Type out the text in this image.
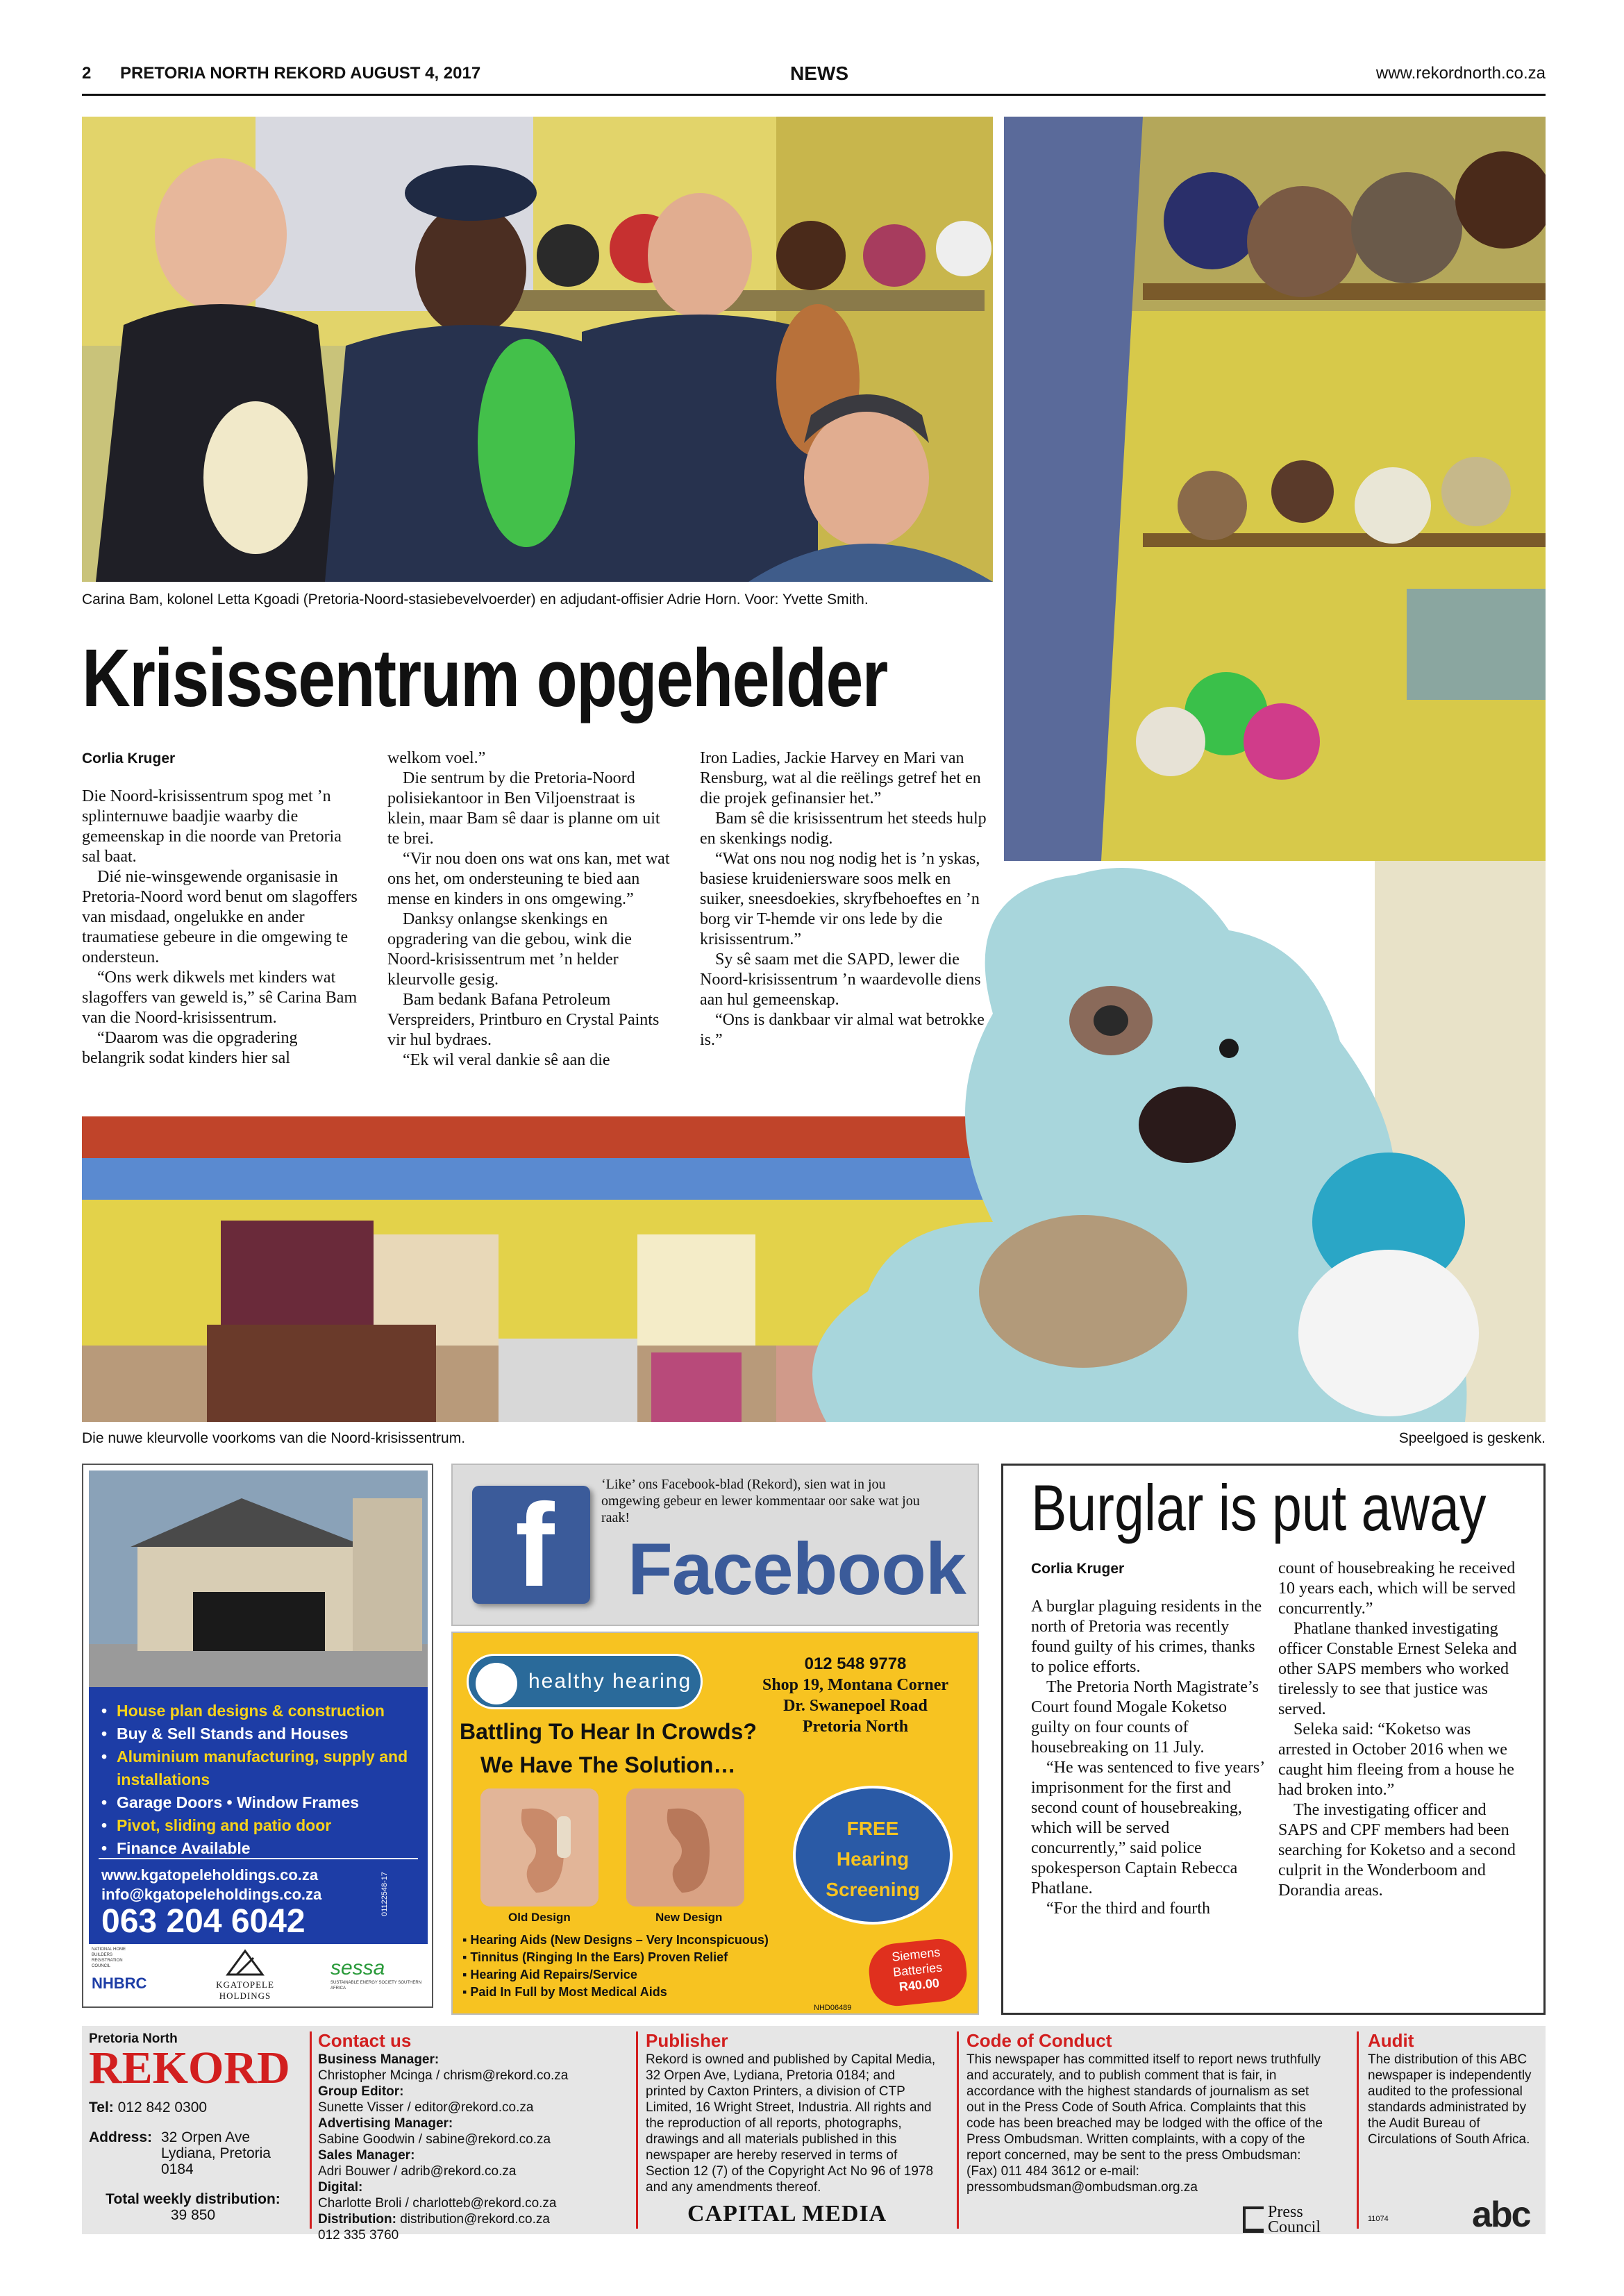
2 PRETORIA NORTH REKORD AUGUST 4, 2017	NEWS	www.rekordnorth.co.za
Carina Bam, kolonel Letta Kgoadi (Pretoria-Noord-stasiebevelvoerder) en adjudant-offisier Adrie Horn. Voor: Yvette Smith.
Krisissentrum opgehelder
Corlia Kruger

Die Noord-krisissentrum spog met ’n splinternuwe baadjie waarby die gemeenskap in die noorde van Pretoria sal baat.

Dié nie-winsgewende organisasie in Pretoria-Noord word benut om slagoffers van misdaad, ongelukke en ander traumatiese gebeure in die omgewing te ondersteun.

“Ons werk dikwels met kinders wat slagoffers van geweld is,” sê Carina Bam van die Noord-krisissentrum.

“Daarom was die opgradering belangrik sodat kinders hier sal

welkom voel.”

Die sentrum by die Pretoria-Noord polisiekantoor in Ben Viljoenstraat is klein, maar Bam sê daar is planne om uit te brei.

“Vir nou doen ons wat ons kan, met wat ons het, om ondersteuning te bied aan mense en kinders in ons omgewing.”

Danksy onlangse skenkings en opgradering van die gebou, wink die Noord-krisissentrum met ’n helder kleurvolle gesig.

Bam bedank Bafana Petroleum Verspreiders, Printburo en Crystal Paints vir hul bydraes.

“Ek wil veral dankie sê aan die

Iron Ladies, Jackie Harvey en Mari van Rensburg, wat al die reëlings getref het en die projek gefinansier het.”

Bam sê die krisissentrum het steeds hulp en skenkings nodig.

“Wat ons nou nog nodig het is ’n yskas, basiese kruideniersware soos melk en suiker, sneesdoekies, skryfbehoeftes en ’n borg vir T-hemde vir ons lede by die krisissentrum.”

Sy sê saam met die SAPD, lewer die Noord-krisissentrum ’n waardevolle diens aan hul gemeenskap.

“Ons is dankbaar vir almal wat betrokke is.”

Die nuwe kleurvolle voorkoms van die Noord-krisissentrum.	Speelgoed is geskenk.
• House plan designs & construction
• Buy & Sell Stands and Houses
• Aluminium manufacturing, supply and installations
• Garage Doors • Window Frames
• Pivot, sliding and patio door
• Finance Available
www.kgatopeleholdings.co.za
info@kgatopeleholdings.co.za
063 204 6042
01122548-17
NATIONAL HOME BUILDERS REGISTRATION COUNCIL
NHBRC	KGATOPELE HOLDINGS
sessa
SUSTAINABLE ENERGY SOCIETY SOUTHERN AFRICA
f	‘Like’ ons Facebook-blad (Rekord), sien wat in jou omgewing gebeur en lewer kommentaar oor sake wat jou raak!
Facebook
healthy hearing
012 548 9778
Shop 19, Montana Corner
Dr. Swanepoel Road
Pretoria North
Battling To Hear In Crowds?
We Have The Solution…
Old Design	New Design
FREE
Hearing
Screening
▪ Hearing Aids (New Designs – Very Inconspicuous)
▪ Tinnitus (Ringing In the Ears) Proven Relief
▪ Hearing Aid Repairs/Service
▪ Paid In Full by Most Medical Aids
Siemens
Batteries
R40.00
NHD06489
Burglar is put away
Corlia Kruger

A burglar plaguing residents in the north of Pretoria was recently found guilty of his crimes, thanks to police efforts.

The Pretoria North Magistrate’s Court found Mogale Koketso guilty on four counts of housebreaking on 11 July.

“He was sentenced to five years’ imprisonment for the first and second count of housebreaking, which will be served concurrently,” said police spokesperson Captain Rebecca Phatlane.

“For the third and fourth

count of housebreaking he received 10 years each, which will be served concurrently.”

Phatlane thanked investigating officer Constable Ernest Seleka and other SAPS members who worked tirelessly to see that justice was served.

Seleka said: “Koketso was arrested in October 2016 when we caught him fleeing from a house he had broken into.”

The investigating officer and SAPS and CPF members had been searching for Koketso and a second culprit in the Wonderboom and Dorandia areas.

Pretoria North
REKORD
Tel: 012 842 0300
Address: 32 Orpen Ave
Lydiana, Pretoria
0184
Total weekly distribution:
39 850
Contact us
Business Manager:
Christopher Mcinga / chrism@rekord.co.za
Group Editor:
Sunette Visser / editor@rekord.co.za
Advertising Manager:
Sabine Goodwin / sabine@rekord.co.za
Sales Manager:
Adri Bouwer / adrib@rekord.co.za
Digital:
Charlotte Broli / charlotteb@rekord.co.za
Distribution: distribution@rekord.co.za
012 335 3760
Publisher
Rekord is owned and published by Capital Media, 32 Orpen Ave, Lydiana, Pretoria 0184; and printed by Caxton Printers, a division of CTP Limited, 16 Wright Street, Industria. All rights and the reproduction of all reports, photographs, drawings and all materials published in this newspaper are hereby reserved in terms of Section 12 (7) of the Copyright Act No 96 of 1978 and any amendments thereof.
CAPITAL MEDIA
Code of Conduct
This newspaper has committed itself to report news truthfully and accurately, and to publish comment that is fair, in accordance with the highest standards of journalism as set out in the Press Code of South Africa. Complaints that this code has been breached may be lodged with the office of the Press Ombudsman. Written complaints, with a copy of the report concerned, may be sent to the press Ombudsman: (Fax) 011 484 3612 or e-mail: pressombudsman@ombudsman.org.za
Press
Council
Audit
The distribution of this ABC newspaper is independently audited to the professional standards administrated by the Audit Bureau of Circulations of South Africa.
11074 abc
